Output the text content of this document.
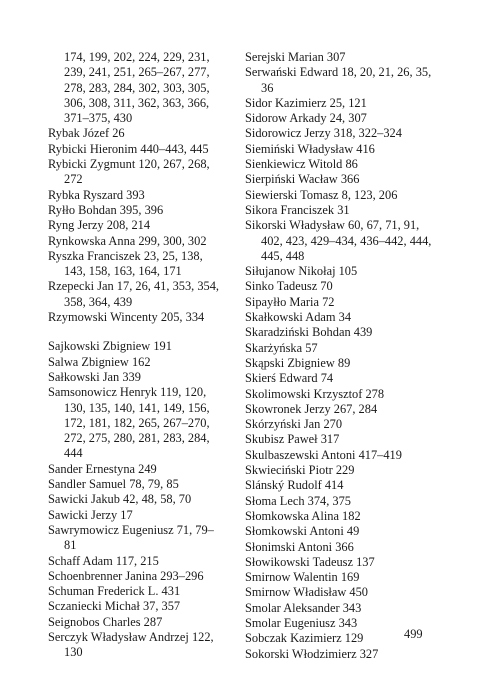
174, 199, 202, 224, 229, 231, 239, 241, 251, 265–267, 277, 278, 283, 284, 302, 303, 305, 306, 308, 311, 362, 363, 366, 371–375, 430

Rybak Józef 26

Rybicki Hieronim 440–443, 445

Rybicki Zygmunt 120, 267, 268, 272

Rybka Ryszard 393

Ryłło Bohdan 395, 396

Ryng Jerzy 208, 214

Rynkowska Anna 299, 300, 302

Ryszka Franciszek 23, 25, 138, 143, 158, 163, 164, 171

Rzepecki Jan 17, 26, 41, 353, 354, 358, 364, 439

Rzymowski Wincenty 205, 334

Sajkowski Zbigniew 191

Salwa Zbigniew 162

Sałkowski Jan 339

Samsonowicz Henryk 119, 120, 130, 135, 140, 141, 149, 156, 172, 181, 182, 265, 267–270, 272, 275, 280, 281, 283, 284, 444

Sander Ernestyna 249

Sandler Samuel 78, 79, 85

Sawicki Jakub 42, 48, 58, 70

Sawicki Jerzy 17

Sawrymowicz Eugeniusz 71, 79–81

Schaff Adam 117, 215

Schoenbrenner Janina 293–296

Schuman Frederick L. 431

Sczaniecki Michał 37, 357

Seignobos Charles 287

Serczyk Władysław Andrzej 122, 130

Serejski Marian 307

Serwański Edward 18, 20, 21, 26, 35, 36

Sidor Kazimierz 25, 121

Sidorow Arkady 24, 307

Sidorowicz Jerzy 318, 322–324

Siemiński Władysław 416

Sienkiewicz Witold 86

Sierpiński Wacław 366

Siewierski Tomasz 8, 123, 206

Sikora Franciszek 31

Sikorski Władysław 60, 67, 71, 91, 402, 423, 429–434, 436–442, 444, 445, 448

Siłujanow Nikołaj 105

Sinko Tadeusz 70

Sipayłło Maria 72

Skałkowski Adam 34

Skaradziński Bohdan 439

Skarżyńska 57

Skąpski Zbigniew 89

Skierś Edward 74

Skolimowski Krzysztof 278

Skowronek Jerzy 267, 284

Skórzyński Jan 270

Skubisz Paweł 317

Skulbaszewski Antoni 417–419

Skwieciński Piotr 229

Slánský Rudolf 414

Słoma Lech 374, 375

Słomkowska Alina 182

Słomkowski Antoni 49

Słonimski Antoni 366

Słowikowski Tadeusz 137

Smirnow Walentin 169

Smirnow Władisław 450

Smolar Aleksander 343

Smolar Eugeniusz 343

Sobczak Kazimierz 129

Sokorski Włodzimierz 327

499
